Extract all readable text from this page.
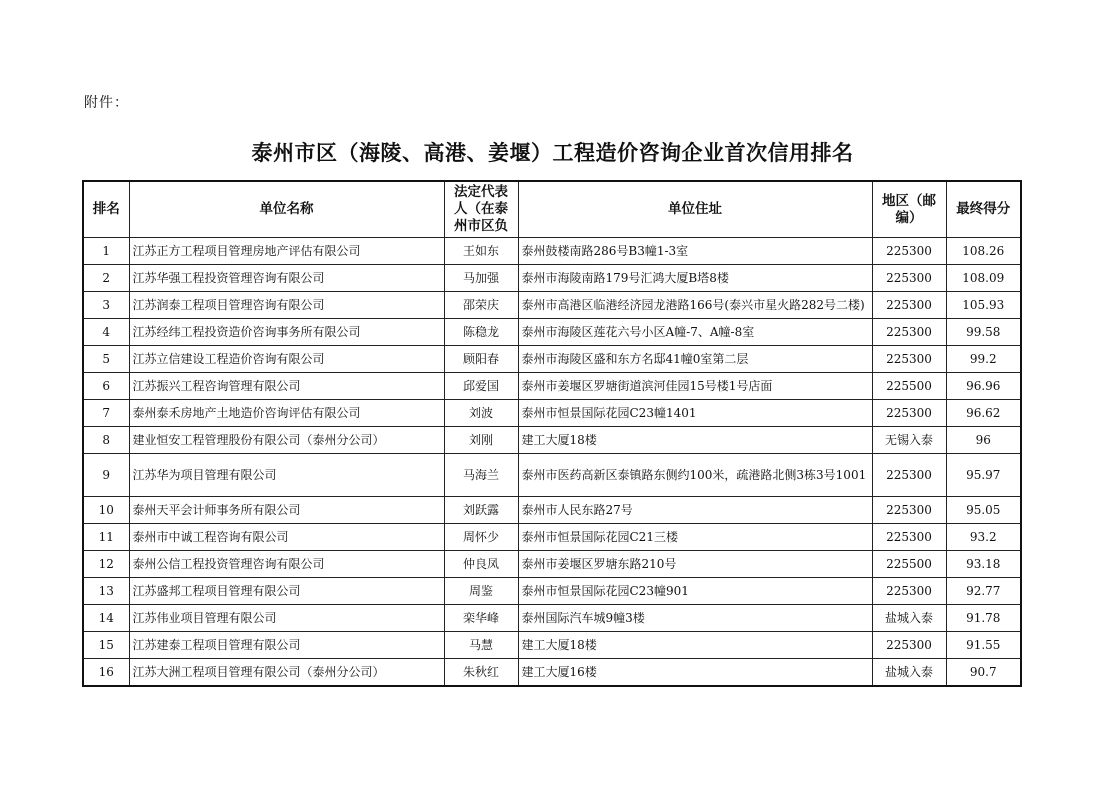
附件：
泰州市区（海陵、高港、姜堰）工程造价咨询企业首次信用排名
排名	单位名称	法定代表人（在泰州市区负	单位住址	地区（邮编）	最终得分
1	江苏正方工程项目管理房地产评估有限公司	王如东	泰州鼓楼南路286号B3幢1-3室	225300	108.26
2	江苏华强工程投资管理咨询有限公司	马加强	泰州市海陵南路179号汇鸿大厦B塔8楼	225300	108.09
3	江苏润泰工程项目管理咨询有限公司	邵荣庆	泰州市高港区临港经济园龙港路166号(泰兴市星火路282号二楼)	225300	105.93
4	江苏经纬工程投资造价咨询事务所有限公司	陈稳龙	泰州市海陵区莲花六号小区A幢-7、A幢-8室	225300	99.58
5	江苏立信建设工程造价咨询有限公司	顾阳春	泰州市海陵区盛和东方名邸41幢0室第二层	225300	99.2
6	江苏振兴工程咨询管理有限公司	邱爱国	泰州市姜堰区罗塘街道滨河佳园15号楼1号店面	225500	96.96
7	泰州泰禾房地产土地造价咨询评估有限公司	刘波	泰州市恒景国际花园C23幢1401	225300	96.62
8	建业恒安工程管理股份有限公司（泰州分公司）	刘刚	建工大厦18楼	无锡入泰	96
9	江苏华为项目管理有限公司	马海兰	泰州市医药高新区泰镇路东侧约100米，疏港路北侧3栋3号1001	225300	95.97
10	泰州天平会计师事务所有限公司	刘跃露	泰州市人民东路27号	225300	95.05
11	泰州市中诚工程咨询有限公司	周怀少	泰州市恒景国际花园C21三楼	225300	93.2
12	泰州公信工程投资管理咨询有限公司	仲良凤	泰州市姜堰区罗塘东路210号	225500	93.18
13	江苏盛邦工程项目管理有限公司	周鉴	泰州市恒景国际花园C23幢901	225300	92.77
14	江苏伟业项目管理有限公司	栾华峰	泰州国际汽车城9幢3楼	盐城入泰	91.78
15	江苏建泰工程项目管理有限公司	马慧	建工大厦18楼	225300	91.55
16	江苏大洲工程项目管理有限公司（泰州分公司）	朱秋红	建工大厦16楼	盐城入泰	90.7
